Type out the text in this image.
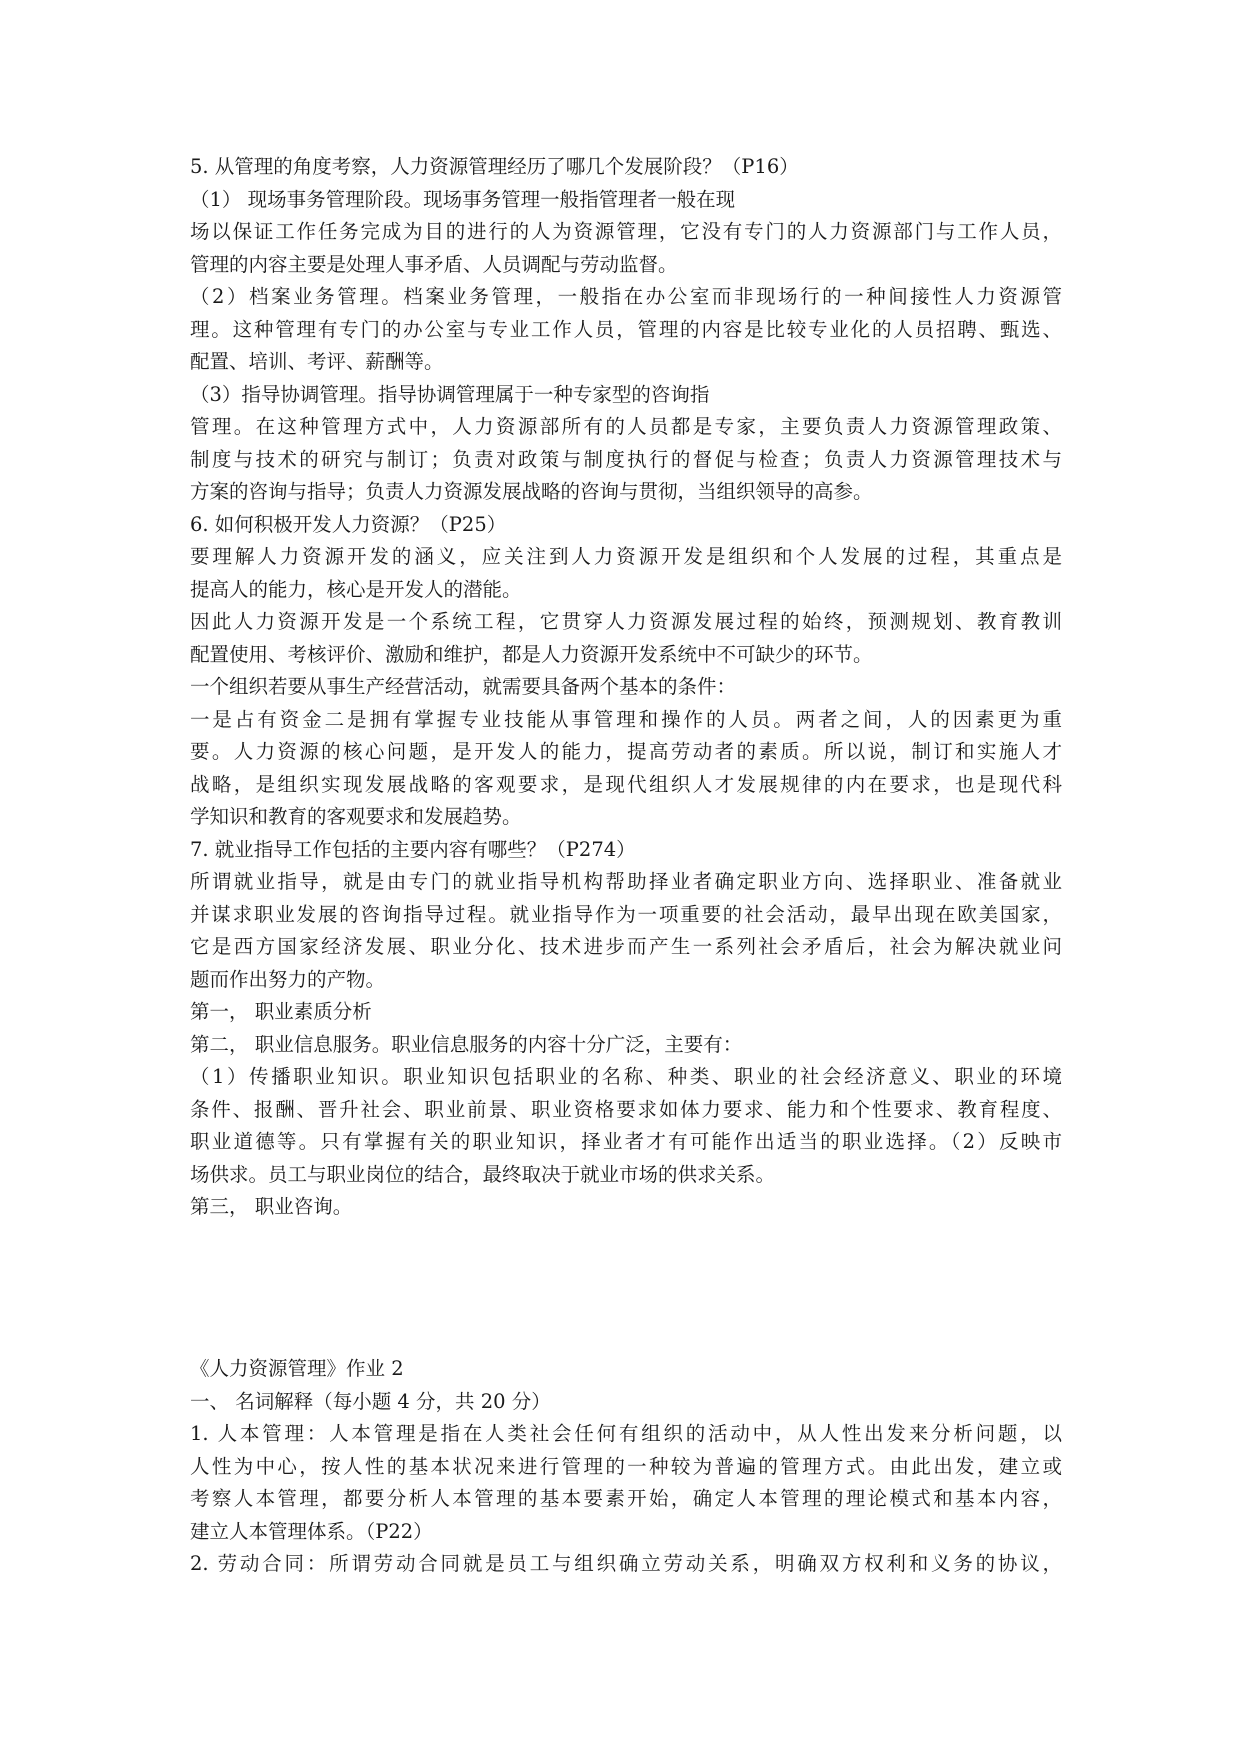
5. 从管理的角度考察，人力资源管理经历了哪几个发展阶段？（P16）
（1） 现场事务管理阶段。现场事务管理一般指管理者一般在现
场以保证工作任务完成为目的进行的人为资源管理，它没有专门的人力资源部门与工作人员，
管理的内容主要是处理人事矛盾、人员调配与劳动监督。
（2）档案业务管理。档案业务管理，一般指在办公室而非现场行的一种间接性人力资源管
理。这种管理有专门的办公室与专业工作人员，管理的内容是比较专业化的人员招聘、甄选、
配置、培训、考评、薪酬等。
（3）指导协调管理。指导协调管理属于一种专家型的咨询指
管理。在这种管理方式中，人力资源部所有的人员都是专家，主要负责人力资源管理政策、
制度与技术的研究与制订；负责对政策与制度执行的督促与检查；负责人力资源管理技术与
方案的咨询与指导；负责人力资源发展战略的咨询与贯彻，当组织领导的高参。
6. 如何积极开发人力资源？（P25）
要理解人力资源开发的涵义，应关注到人力资源开发是组织和个人发展的过程，其重点是
提高人的能力，核心是开发人的潜能。
因此人力资源开发是一个系统工程，它贯穿人力资源发展过程的始终，预测规划、教育教训
配置使用、考核评价、激励和维护，都是人力资源开发系统中不可缺少的环节。
一个组织若要从事生产经营活动，就需要具备两个基本的条件：
一是占有资金二是拥有掌握专业技能从事管理和操作的人员。两者之间，人的因素更为重
要。人力资源的核心问题，是开发人的能力，提高劳动者的素质。所以说，制订和实施人才
战略，是组织实现发展战略的客观要求，是现代组织人才发展规律的内在要求，也是现代科
学知识和教育的客观要求和发展趋势。
7. 就业指导工作包括的主要内容有哪些？（P274）
所谓就业指导，就是由专门的就业指导机构帮助择业者确定职业方向、选择职业、准备就业
并谋求职业发展的咨询指导过程。就业指导作为一项重要的社会活动，最早出现在欧美国家，
它是西方国家经济发展、职业分化、技术进步而产生一系列社会矛盾后，社会为解决就业问
题而作出努力的产物。
第一， 职业素质分析
第二， 职业信息服务。职业信息服务的内容十分广泛，主要有：
（1）传播职业知识。职业知识包括职业的名称、种类、职业的社会经济意义、职业的环境
条件、报酬、晋升社会、职业前景、职业资格要求如体力要求、能力和个性要求、教育程度、
职业道德等。只有掌握有关的职业知识，择业者才有可能作出适当的职业选择。（2）反映市
场供求。员工与职业岗位的结合，最终取决于就业市场的供求关系。
第三， 职业咨询。
《人力资源管理》作业 2
一、 名词解释（每小题 4 分，共 20 分）
1. 人本管理：人本管理是指在人类社会任何有组织的活动中，从人性出发来分析问题，以
人性为中心，按人性的基本状况来进行管理的一种较为普遍的管理方式。由此出发，建立或
考察人本管理，都要分析人本管理的基本要素开始，确定人本管理的理论模式和基本内容，
建立人本管理体系。（P22）
2. 劳动合同：所谓劳动合同就是员工与组织确立劳动关系，明确双方权利和义务的协议，
